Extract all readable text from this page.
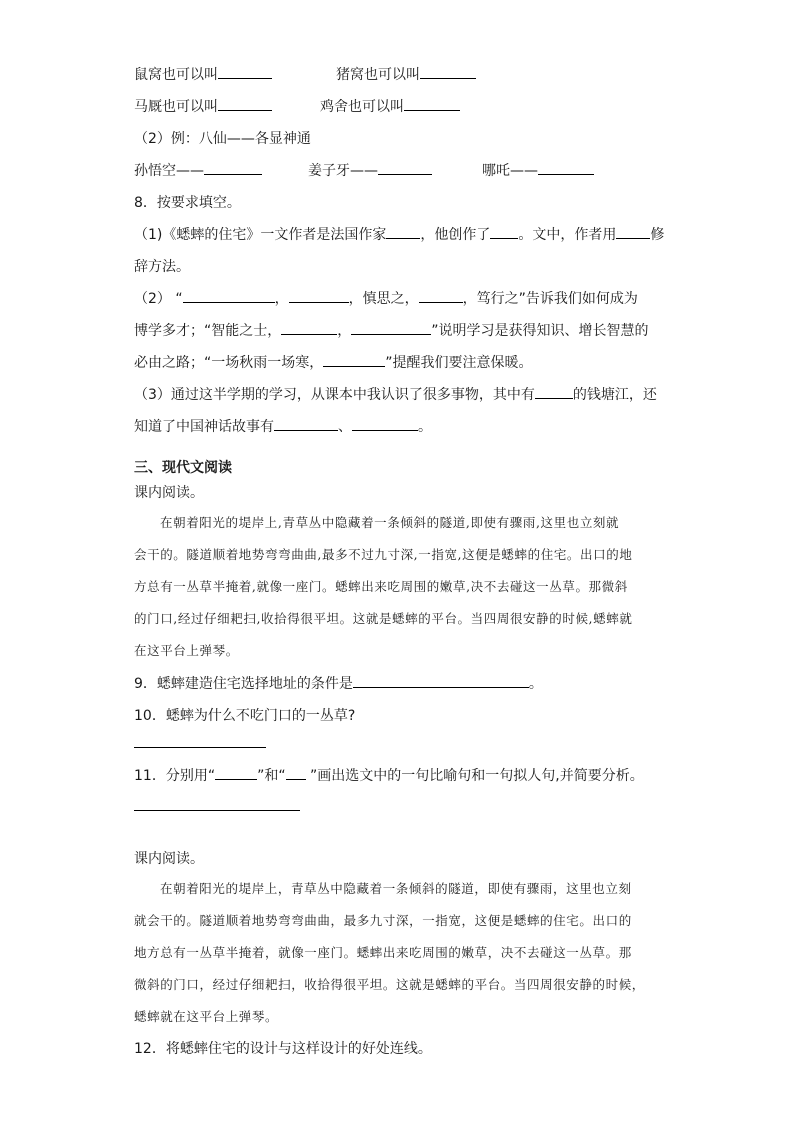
鼠窝也可以叫	猪窝也可以叫
马厩也可以叫	鸡舍也可以叫
（2）例：八仙——各显神通
孙悟空——	姜子牙——	哪吒——
8．按要求填空。
（1)《蟋蟀的住宅》一文作者是法国作家 ，他创作了 。文中，作者用 修
辞方法。
（2） “	，	，慎思之，	，笃行之”告诉我们如何成为
博学多才；“智能之士，	，	”说明学习是获得知识、增长智慧的
必由之路；“一场秋雨一场寒，	”提醒我们要注意保暖。
（3）通过这半学期的学习，从课本中我认识了很多事物，其中有	的钱塘江，还
知道了中国神话故事有	、	。
三、现代文阅读
课内阅读。
在朝着阳光的堤岸上,青草丛中隐藏着一条倾斜的隧道,即使有骤雨,这里也立刻就
会干的。隧道顺着地势弯弯曲曲,最多不过九寸深,一指宽,这便是蟋蟀的住宅。出口的地
方总有一丛草半掩着,就像一座门。蟋蟀出来吃周围的嫩草,决不去碰这一丛草。那微斜
的门口,经过仔细耙扫,收拾得很平坦。这就是蟋蟀的平台。当四周很安静的时候,蟋蟀就
在这平台上弹琴。
9．蟋蟀建造住宅选择地址的条件是	。
10．蟋蟀为什么不吃门口的一丛草?
11．分别用“	”和“ ”画出选文中的一句比喻句和一句拟人句,并简要分析。
课内阅读。
在朝着阳光的堤岸上，青草丛中隐藏着一条倾斜的隧道，即使有骤雨，这里也立刻
就会干的。隧道顺着地势弯弯曲曲，最多九寸深，一指宽，这便是蟋蟀的住宅。出口的
地方总有一丛草半掩着，就像一座门。蟋蟀出来吃周围的嫩草，决不去碰这一丛草。那
微斜的门口，经过仔细耙扫，收拾得很平坦。这就是蟋蟀的平台。当四周很安静的时候，
蟋蟀就在这平台上弹琴。
12．将蟋蟀住宅的设计与这样设计的好处连线。
